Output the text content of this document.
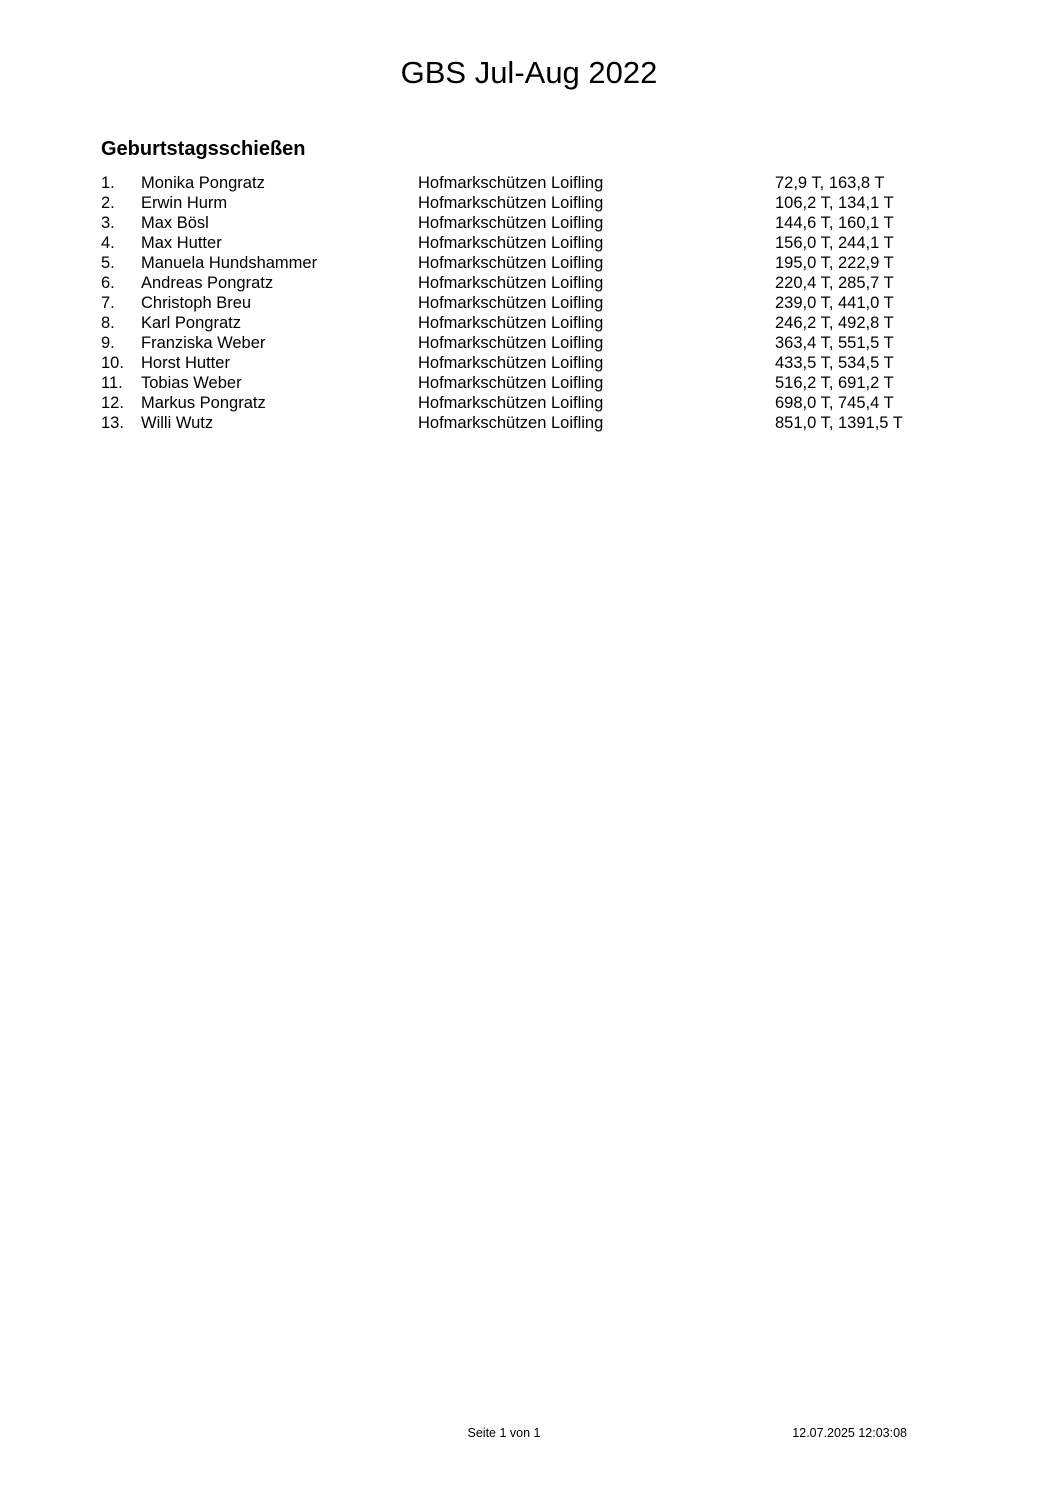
GBS Jul-Aug 2022
Geburtstagsschießen
1. Monika Pongratz	Hofmarkschützen Loifling	72,9 T, 163,8 T
2. Erwin Hurm	Hofmarkschützen Loifling	106,2 T, 134,1 T
3. Max Bösl	Hofmarkschützen Loifling	144,6 T, 160,1 T
4. Max Hutter	Hofmarkschützen Loifling	156,0 T, 244,1 T
5. Manuela Hundshammer	Hofmarkschützen Loifling	195,0 T, 222,9 T
6. Andreas Pongratz	Hofmarkschützen Loifling	220,4 T, 285,7 T
7. Christoph Breu	Hofmarkschützen Loifling	239,0 T, 441,0 T
8. Karl Pongratz	Hofmarkschützen Loifling	246,2 T, 492,8 T
9. Franziska Weber	Hofmarkschützen Loifling	363,4 T, 551,5 T
10. Horst Hutter	Hofmarkschützen Loifling	433,5 T, 534,5 T
11. Tobias Weber	Hofmarkschützen Loifling	516,2 T, 691,2 T
12. Markus Pongratz	Hofmarkschützen Loifling	698,0 T, 745,4 T
13. Willi Wutz	Hofmarkschützen Loifling	851,0 T, 1391,5 T
Seite 1 von 1	12.07.2025 12:03:08
